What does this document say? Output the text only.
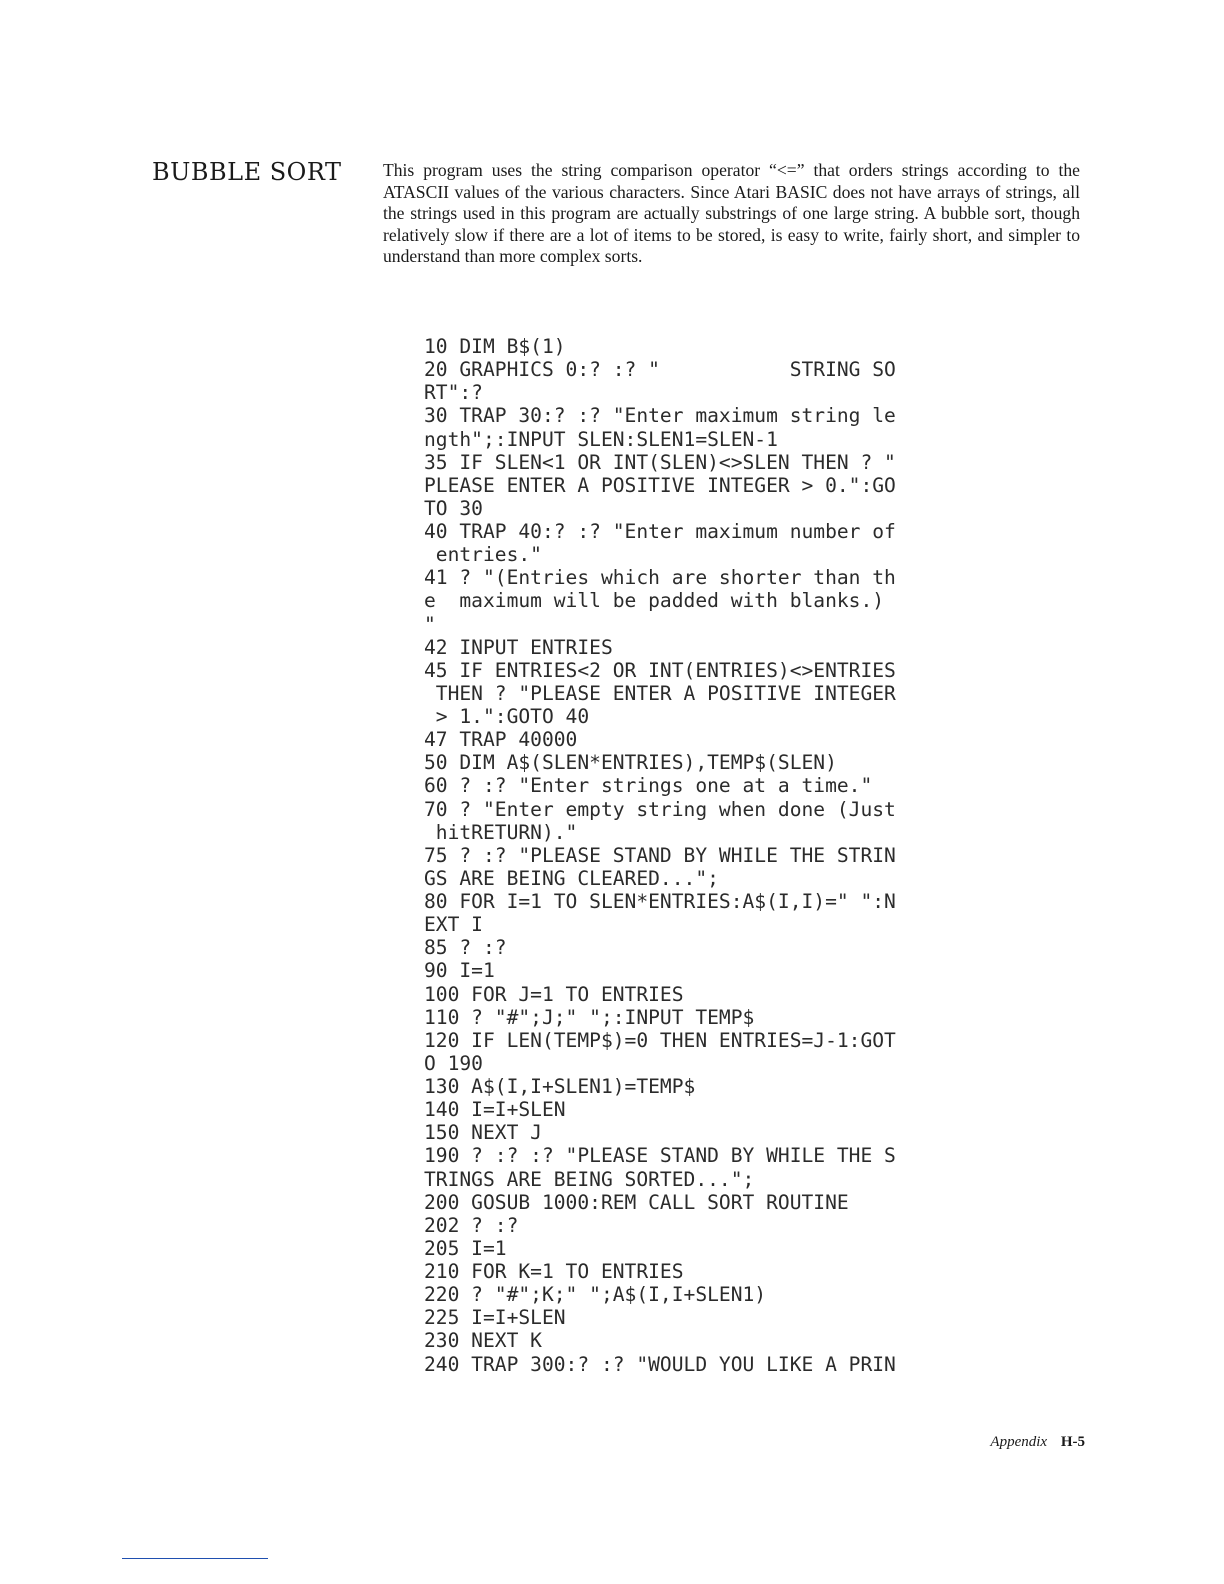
BUBBLE SORT This program uses the string comparison operator “<=” that orders strings according to the ATASCII values of the various characters. Since Atari BASIC does not have arrays of strings, all the strings used in this program are actually substrings of one large string. A bubble sort, though relatively slow if there are a lot of items to be stored, is easy to write, fairly short, and simpler to understand than more complex sorts.

10 DIM B$(1)
20 GRAPHICS 0:? :? "           STRING SO
RT":?
30 TRAP 30:? :? "Enter maximum string le
ngth";:INPUT SLEN:SLEN1=SLEN-1
35 IF SLEN<1 OR INT(SLEN)<>SLEN THEN ? "
PLEASE ENTER A POSITIVE INTEGER > 0.":GO
TO 30
40 TRAP 40:? :? "Enter maximum number of
entries."
41 ? "(Entries which are shorter than th
e  maximum will be padded with blanks.)
"
42 INPUT ENTRIES
45 IF ENTRIES<2 OR INT(ENTRIES)<>ENTRIES
THEN ? "PLEASE ENTER A POSITIVE INTEGER
> 1.":GOTO 40
47 TRAP 40000
50 DIM A$(SLEN*ENTRIES),TEMP$(SLEN)
60 ? :? "Enter strings one at a time."
70 ? "Enter empty string when done (Just
hitRETURN)."
75 ? :? "PLEASE STAND BY WHILE THE STRIN
GS ARE BEING CLEARED...";
80 FOR I=1 TO SLEN*ENTRIES:A$(I,I)=" ":N
EXT I
85 ? :?
90 I=1
100 FOR J=1 TO ENTRIES
110 ? "#";J;" ";:INPUT TEMP$
120 IF LEN(TEMP$)=0 THEN ENTRIES=J-1:GOT
O 190
130 A$(I,I+SLEN1)=TEMP$
140 I=I+SLEN
150 NEXT J
190 ? :? :? "PLEASE STAND BY WHILE THE S
TRINGS ARE BEING SORTED...";
200 GOSUB 1000:REM CALL SORT ROUTINE
202 ? :?
205 I=1
210 FOR K=1 TO ENTRIES
220 ? "#";K;" ";A$(I,I+SLEN1)
225 I=I+SLEN
230 NEXT K
240 TRAP 300:? :? "WOULD YOU LIKE A PRIN
Appendix H-5
